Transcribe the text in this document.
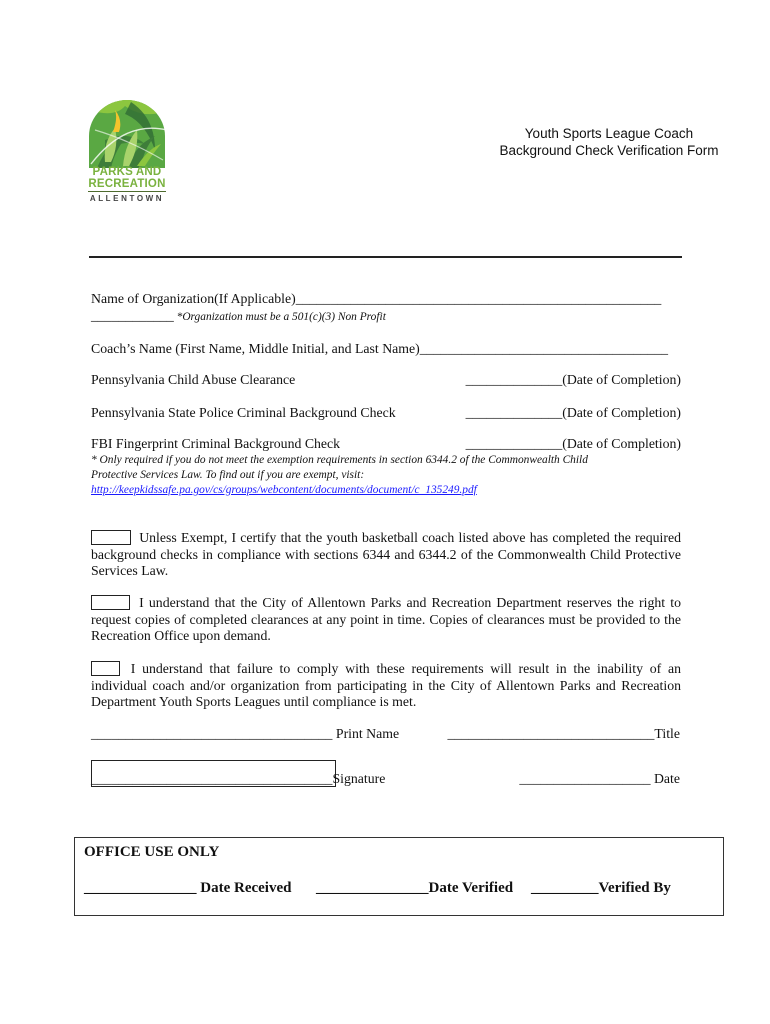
PARKS AND
RECREATION
ALLENTOWN
Youth Sports League Coach
Background Check Verification Form
Name of Organization(If Applicable)_____________________________________________________
____________ *Organization must be a 501(c)(3) Non Profit
Coach’s Name (First Name, Middle Initial, and Last Name)____________________________________
Pennsylvania Child Abuse Clearance	______________(Date of Completion)
Pennsylvania State Police Criminal Background Check	______________(Date of Completion)
FBI Fingerprint Criminal Background Check	______________(Date of Completion)
* Only required if you do not meet the exemption requirements in section 6344.2 of the Commonwealth Child
Protective Services Law. To find out if you are exempt, visit:
http://keepkidssafe.pa.gov/cs/groups/webcontent/documents/document/c_135249.pdf
Unless Exempt, I certify that the youth basketball coach listed above has completed the required background checks in compliance with sections 6344 and 6344.2 of the Commonwealth Child Protective Services Law.
I understand that the City of Allentown Parks and Recreation Department reserves the right to request copies of completed clearances at any point in time. Copies of clearances must be provided to the Recreation Office upon demand.
I understand that failure to comply with these requirements will result in the inability of an individual coach and/or organization from participating in the City of Allentown Parks and Recreation Department Youth Sports Leagues until compliance is met.
___________________________________ Print Name	______________________________Title
___________________________________Signature	___________________ Date
OFFICE USE ONLY
_______________ Date Received _______________Date Verified _________Verified By
